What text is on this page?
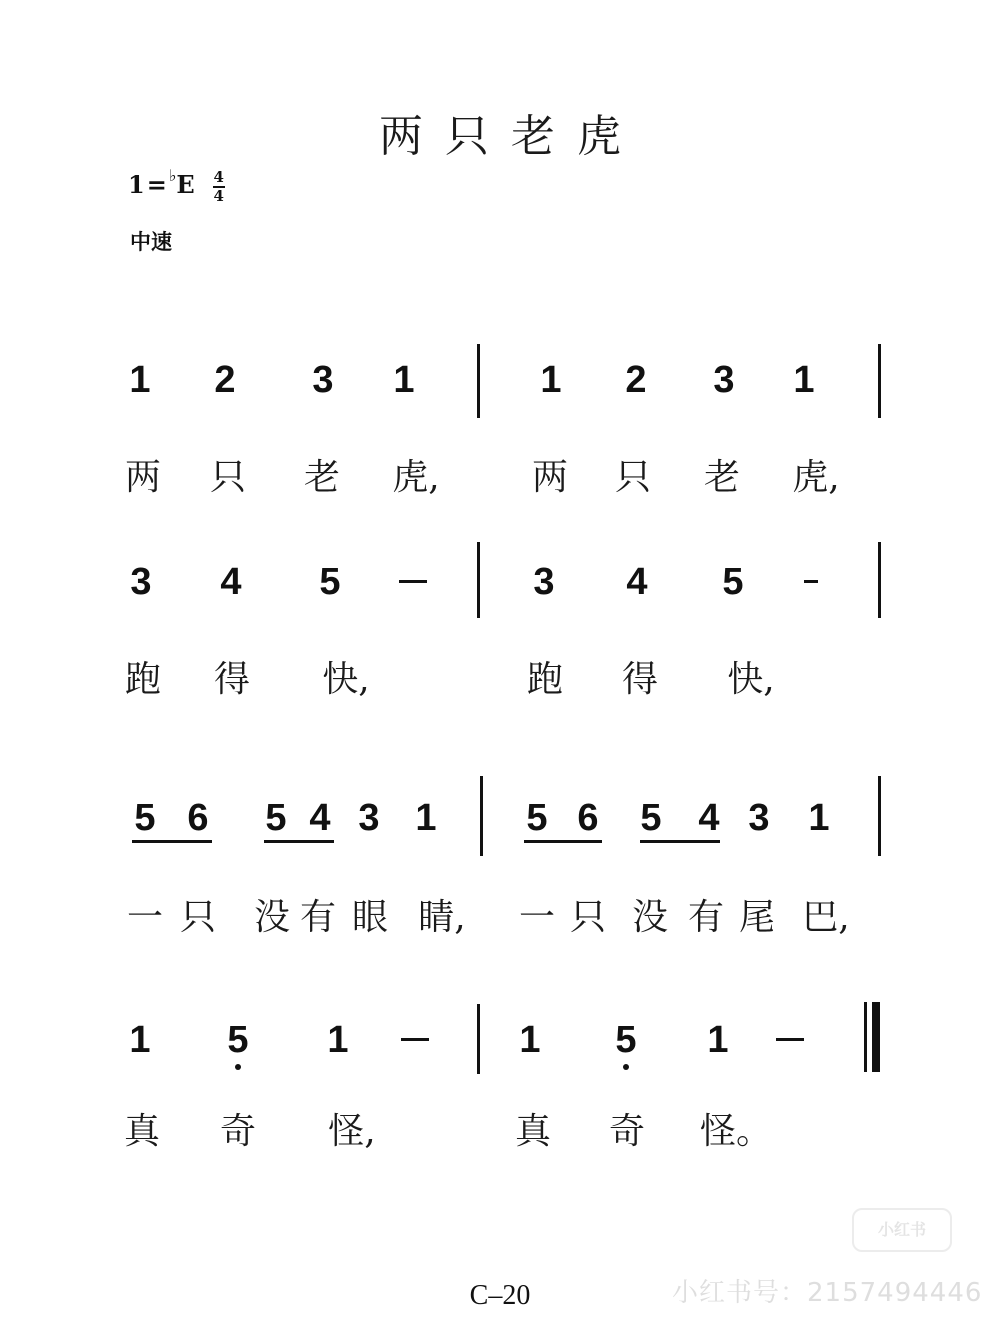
两只老虎
1 = ♭ E 4
4
中速
1 2 3 1	1 2 3 1
两 只 老 虎,	两 只 老 虎,
3 4 5	3 4 5
跑 得 快,	跑 得 快,
5 6 5 4 3 1 5 6 5 4 3 1
一 只 没 有 眼 睛, 一 只 没 有 尾 巴,
1 5 1	1 5 1
真 奇 怪,	真 奇 怪。
小红书
C–20	小红书号：2157494446
